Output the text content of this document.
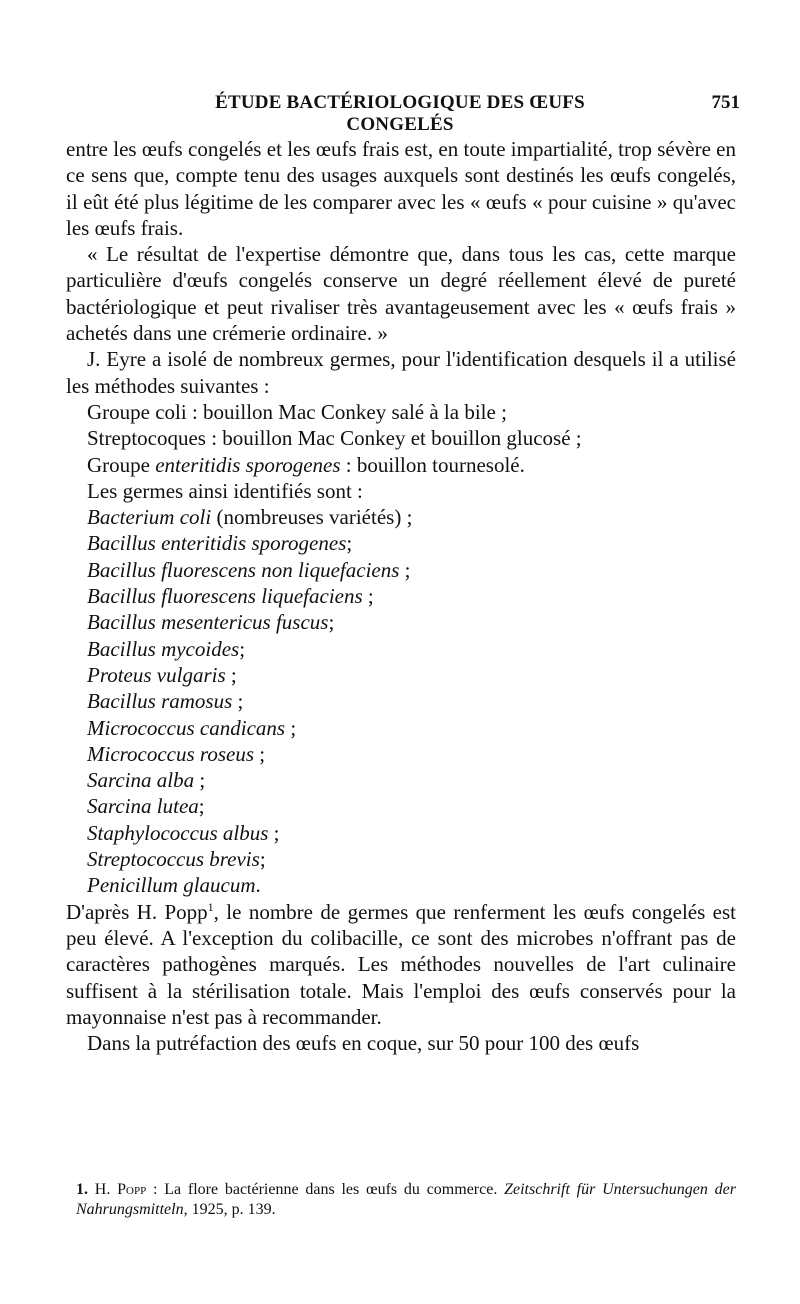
ÉTUDE BACTÉRIOLOGIQUE DES ŒUFS CONGELÉS
751

entre les œufs congelés et les œufs frais est, en toute impartialité, trop sévère en ce sens que, compte tenu des usages auxquels sont destinés les œufs congelés, il eût été plus légitime de les comparer avec les « œufs « pour cuisine » qu'avec les œufs frais.

« Le résultat de l'expertise démontre que, dans tous les cas, cette marque particulière d'œufs congelés conserve un degré réellement élevé de pureté bactériologique et peut rivaliser très avantageusement avec les « œufs frais » achetés dans une crémerie ordinaire. »

J. Eyre a isolé de nombreux germes, pour l'identification desquels il a utilisé les méthodes suivantes :

Groupe coli : bouillon Mac Conkey salé à la bile ;
Streptocoques : bouillon Mac Conkey et bouillon glucosé ;
Groupe enteritidis sporogenes : bouillon tournesolé.
Les germes ainsi identifiés sont :
Bacterium coli (nombreuses variétés) ;
Bacillus enteritidis sporogenes;
Bacillus fluorescens non liquefaciens ;
Bacillus fluorescens liquefaciens ;
Bacillus mesentericus fuscus;
Bacillus mycoides;
Proteus vulgaris ;
Bacillus ramosus ;
Micrococcus candicans ;
Micrococcus roseus ;
Sarcina alba ;
Sarcina lutea;
Staphylococcus albus ;
Streptococcus brevis;
Penicillum glaucum.

D'après H. Popp$^1$, le nombre de germes que renferment les œufs congelés est peu élevé. A l'exception du colibacille, ce sont des microbes n'offrant pas de caractères pathogènes marqués. Les méthodes nouvelles de l'art culinaire suffisent à la stérilisation totale. Mais l'emploi des œufs conservés pour la mayonnaise n'est pas à recommander.

Dans la putréfaction des œufs en coque, sur 50 pour 100 des œufs

1. H. Popp : La flore bactérienne dans les œufs du commerce. Zeitschrift für Untersuchungen der Nahrungsmitteln, 1925, p. 139.
